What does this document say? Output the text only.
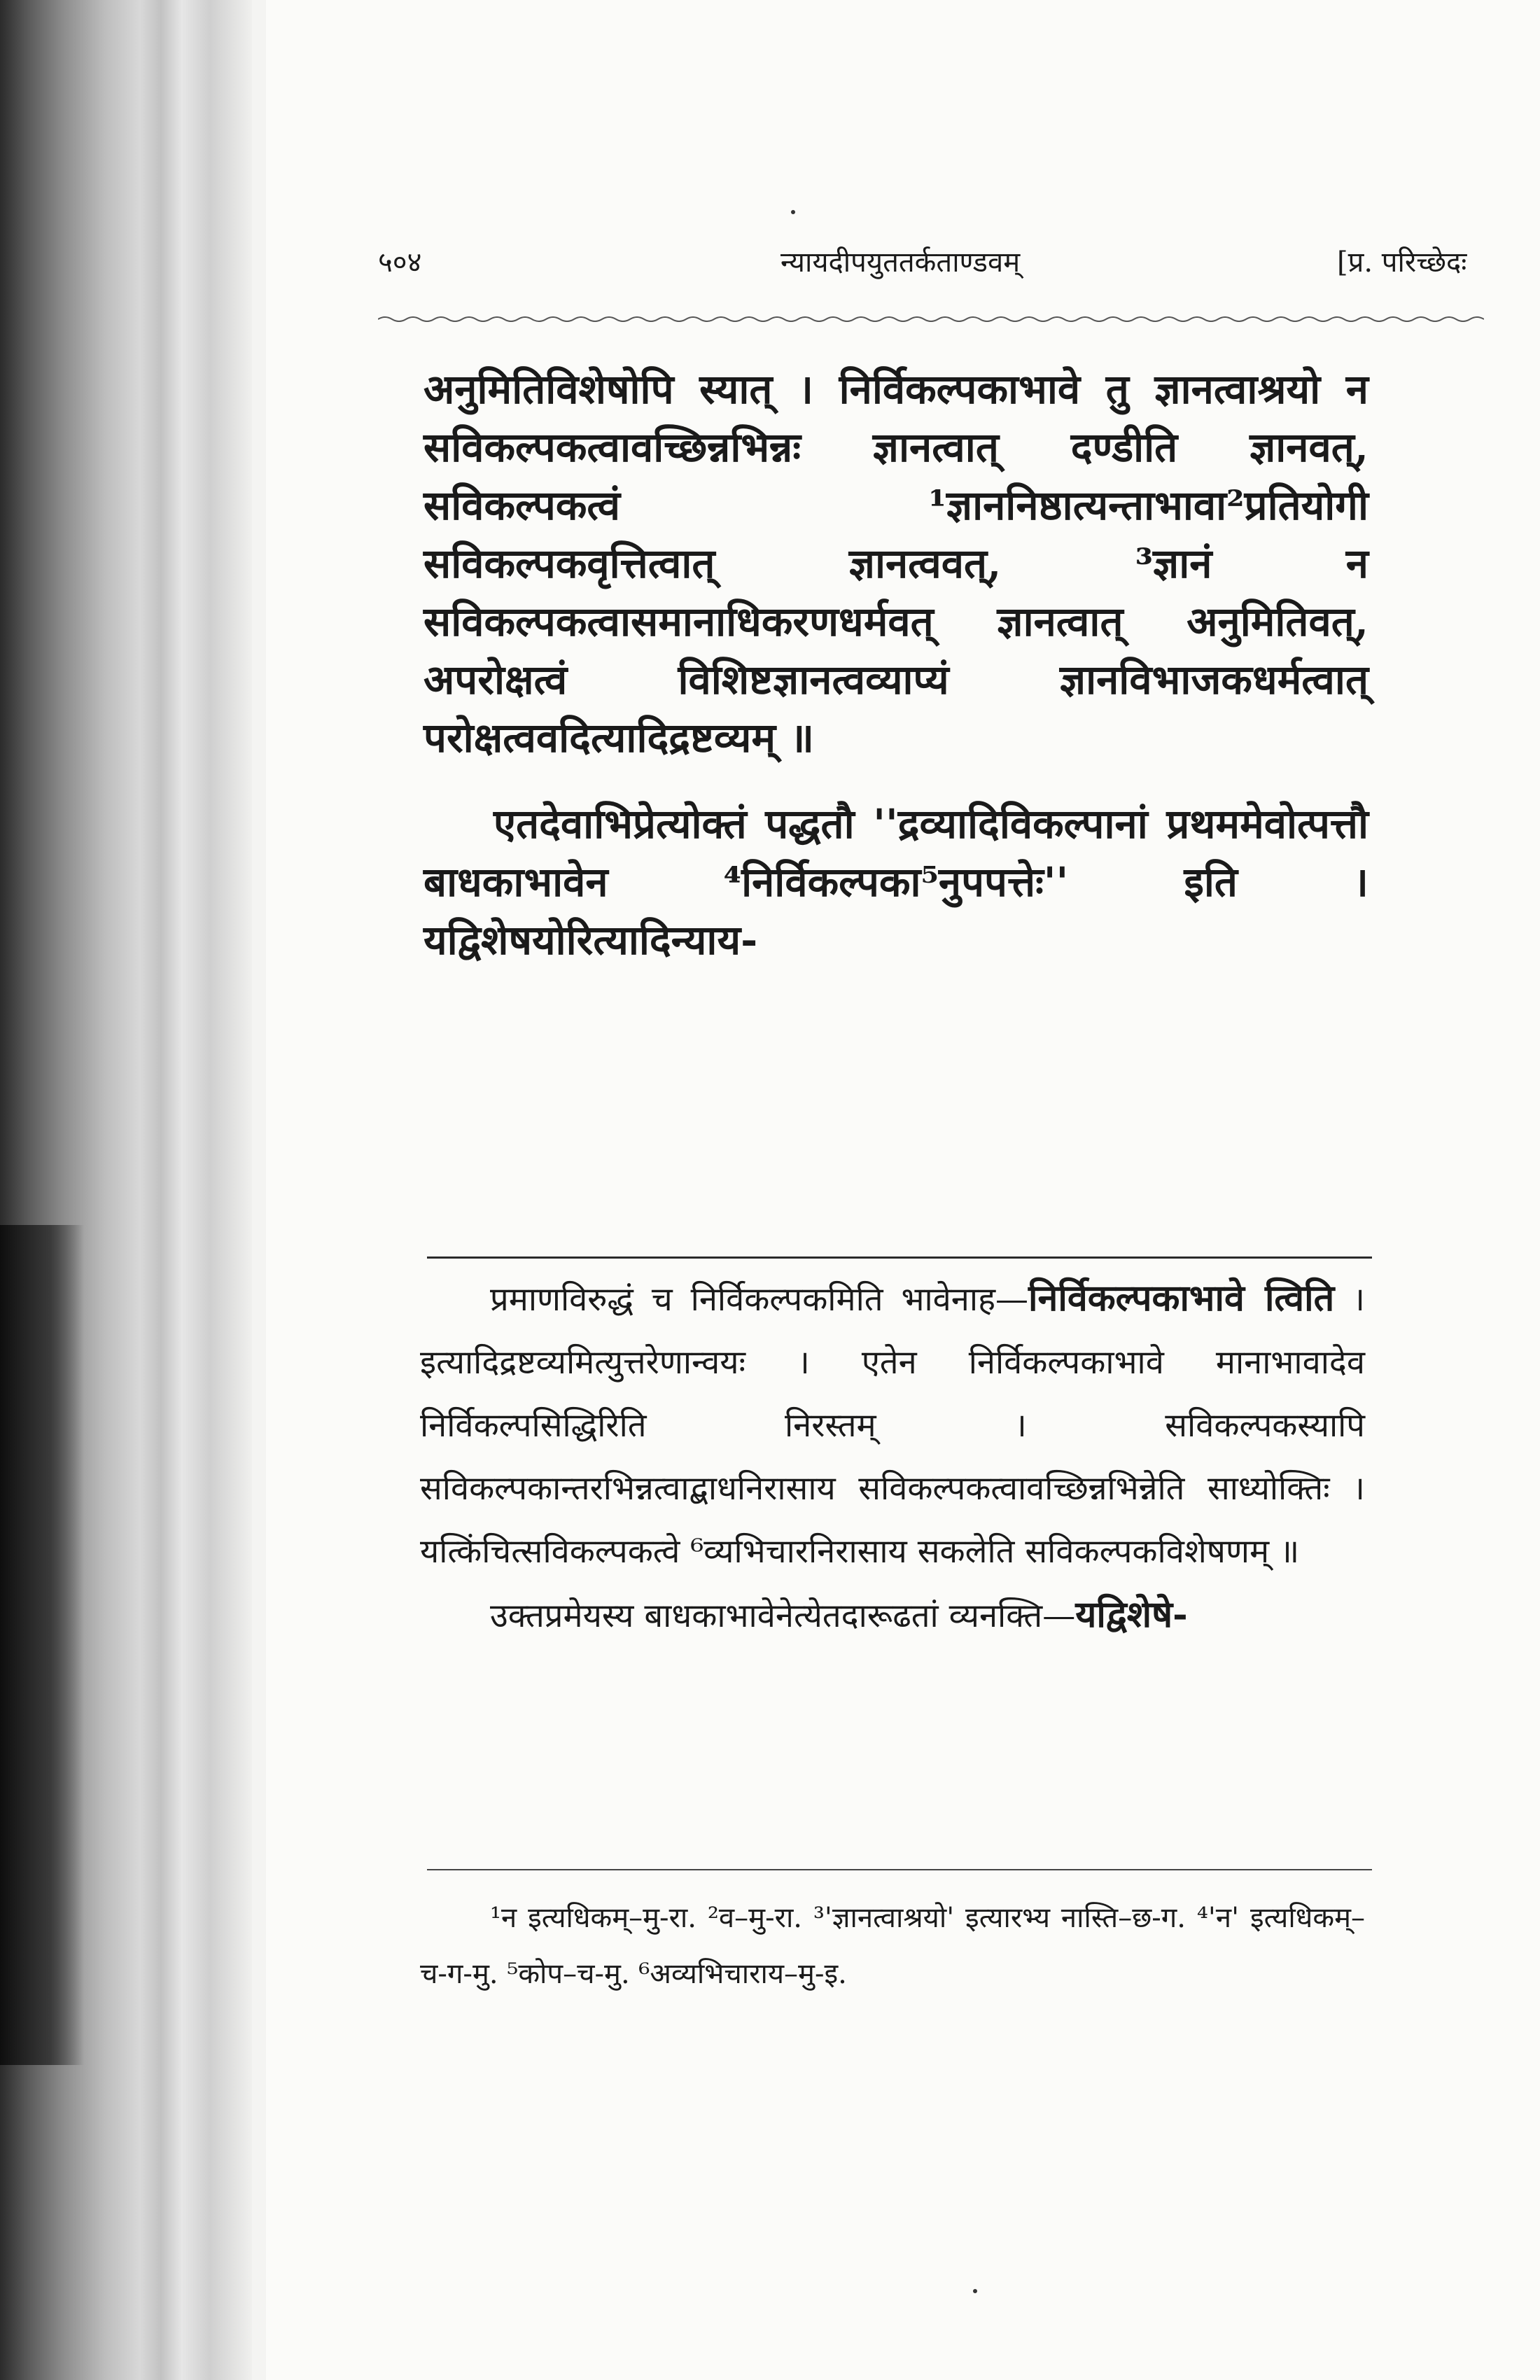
५०४	न्यायदीपयुततर्कताण्डवम्	[प्र. परिच्छेदः

अनुमितिविशेषोपि स्यात् । निर्विकल्पकाभावे तु ज्ञानत्वाश्रयो न सविकल्पकत्वावच्छिन्नभिन्नः ज्ञानत्वात् दण्डीति ज्ञानवत्, सविकल्पकत्वं ¹ज्ञाननिष्ठात्यन्ताभावा²प्रतियोगी सविकल्पकवृत्तित्वात् ज्ञानत्ववत्, ³ज्ञानं न सविकल्पकत्वासमानाधिकरणधर्मवत् ज्ञानत्वात् अनुमितिवत्, अपरोक्षत्वं विशिष्टज्ञानत्वव्याप्यं ज्ञानविभाजकधर्मत्वात् परोक्षत्ववदित्यादिद्रष्टव्यम् ॥

एतदेवाभिप्रेत्योक्तं पद्धतौ ''द्रव्यादिविकल्पानां प्रथममेवोत्पत्तौ बाधकाभावेन ⁴निर्विकल्पका⁵नुपपत्तेः'' इति । यद्विशेषयोरित्यादिन्याय-

प्रमाणविरुद्धं च निर्विकल्पकमिति भावेनाह—निर्विकल्पकाभावे त्विति । इत्यादिद्रष्टव्यमित्युत्तरेणान्वयः । एतेन निर्विकल्पकाभावे मानाभावादेव निर्विकल्पसिद्धिरिति निरस्तम् । सविकल्पकस्यापि सविकल्पकान्तरभिन्नत्वाद्बाधनिरासाय सविकल्पकत्वावच्छिन्नभिन्नेति साध्योक्तिः । यत्किंचित्सविकल्पकत्वे ⁶व्यभिचारनिरासाय सकलेति सविकल्पकविशेषणम् ॥

उक्तप्रमेयस्य बाधकाभावेनेत्येतदारूढतां व्यनक्ति—यद्विशेषे-

¹न इत्यधिकम्–मु-रा. ²व–मु-रा. ³'ज्ञानत्वाश्रयो' इत्यारभ्य नास्ति–छ-ग. ⁴'न' इत्यधिकम्–च-ग-मु. ⁵कोप–च-मु. ⁶अव्यभिचाराय–मु-इ.
